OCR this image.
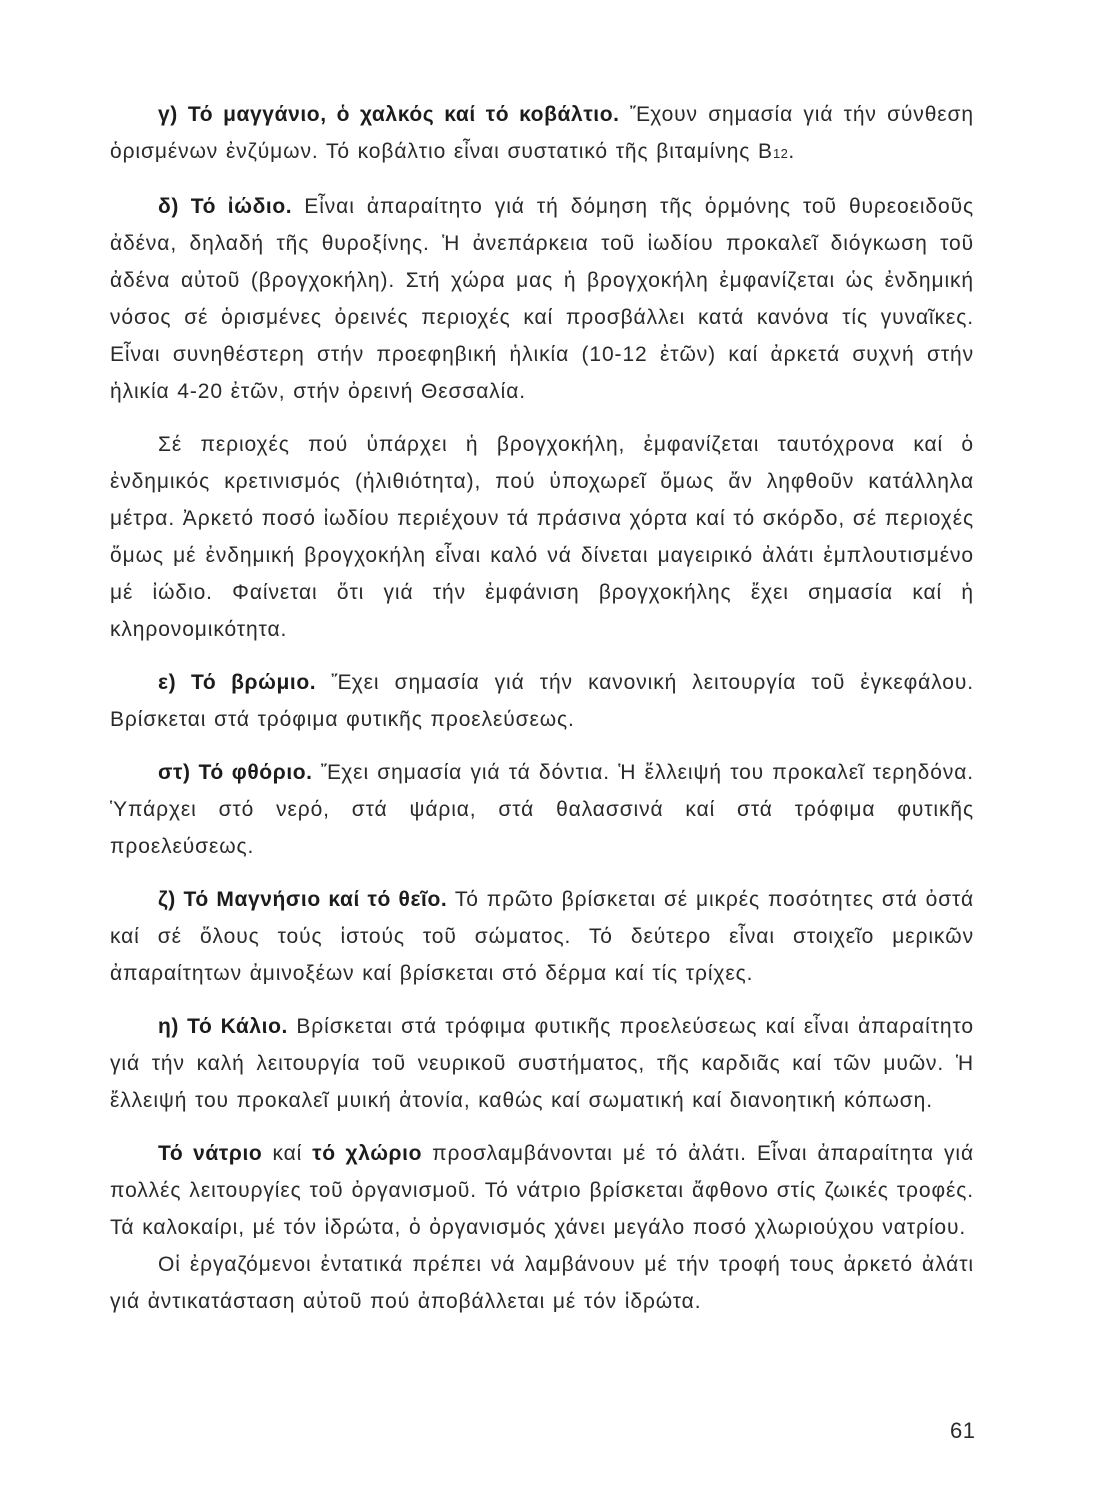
γ) Τό μαγγάνιο, ὁ χαλκός καί τό κοβάλτιο. Ἔχουν σημασία γιά τήν σύνθεση ὁρισμένων ἐνζύμων. Τό κοβάλτιο εἶναι συστατικό τῆς βιταμίνης Β12.

δ) Τό ἰώδιο. Εἶναι ἀπαραίτητο γιά τή δόμηση τῆς ὁρμόνης τοῦ θυρεοειδοῦς ἀδένα, δηλαδή τῆς θυροξίνης. Ἡ ἀνεπάρκεια τοῦ ἰωδίου προκαλεῖ διόγκωση τοῦ ἀδένα αὐτοῦ (βρογχοκήλη). Στή χώρα μας ἡ βρογχοκήλη ἐμφανίζεται ὡς ἐνδημική νόσος σέ ὁρισμένες ὀρεινές περιοχές καί προσβάλλει κατά κανόνα τίς γυναῖκες. Εἶναι συνηθέστερη στήν προεφηβική ἡλικία (10-12 ἐτῶν) καί ἀρκετά συχνή στήν ἡλικία 4-20 ἐτῶν, στήν ὀρεινή Θεσσαλία.

Σέ περιοχές πού ὑπάρχει ἡ βρογχοκήλη, ἐμφανίζεται ταυτόχρονα καί ὁ ἐνδημικός κρετινισμός (ἠλιθιότητα), πού ὑποχωρεῖ ὅμως ἄν ληφθοῦν κατάλληλα μέτρα. Ἀρκετό ποσό ἰωδίου περιέχουν τά πράσινα χόρτα καί τό σκόρδο, σέ περιοχές ὅμως μέ ἐνδημική βρογχοκήλη εἶναι καλό νά δίνεται μαγειρικό ἀλάτι ἐμπλουτισμένο μέ ἰώδιο. Φαίνεται ὅτι γιά τήν ἐμφάνιση βρογχοκήλης ἔχει σημασία καί ἡ κληρονομικότητα.

ε) Τό βρώμιο. Ἔχει σημασία γιά τήν κανονική λειτουργία τοῦ ἐγκεφάλου. Βρίσκεται στά τρόφιμα φυτικῆς προελεύσεως.

στ) Τό φθόριο. Ἔχει σημασία γιά τά δόντια. Ἡ ἔλλειψή του προκαλεῖ τερηδόνα. Ὑπάρχει στό νερό, στά ψάρια, στά θαλασσινά καί στά τρόφιμα φυτικῆς προελεύσεως.

ζ) Τό Μαγνήσιο καί τό θεῖο. Τό πρῶτο βρίσκεται σέ μικρές ποσότητες στά ὀστά καί σέ ὅλους τούς ἱστούς τοῦ σώματος. Τό δεύτερο εἶναι στοιχεῖο μερικῶν ἀπαραίτητων ἀμινοξέων καί βρίσκεται στό δέρμα καί τίς τρίχες.

η) Τό Κάλιο. Βρίσκεται στά τρόφιμα φυτικῆς προελεύσεως καί εἶναι ἀπαραίτητο γιά τήν καλή λειτουργία τοῦ νευρικοῦ συστήματος, τῆς καρδιᾶς καί τῶν μυῶν. Ἡ ἔλλειψή του προκαλεῖ μυική ἀτονία, καθώς καί σωματική καί διανοητική κόπωση.

Τό νάτριο καί τό χλώριο προσλαμβάνονται μέ τό ἀλάτι. Εἶναι ἀπαραίτητα γιά πολλές λειτουργίες τοῦ ὀργανισμοῦ. Τό νάτριο βρίσκεται ἄφθονο στίς ζωικές τροφές. Τά καλοκαίρι, μέ τόν ἱδρώτα, ὁ ὀργανισμός χάνει μεγάλο ποσό χλωριούχου νατρίου.

Οἱ ἐργαζόμενοι ἐντατικά πρέπει νά λαμβάνουν μέ τήν τροφή τους ἀρκετό ἀλάτι γιά ἀντικατάσταση αὐτοῦ πού ἀποβάλλεται μέ τόν ἱδρώτα.

61
